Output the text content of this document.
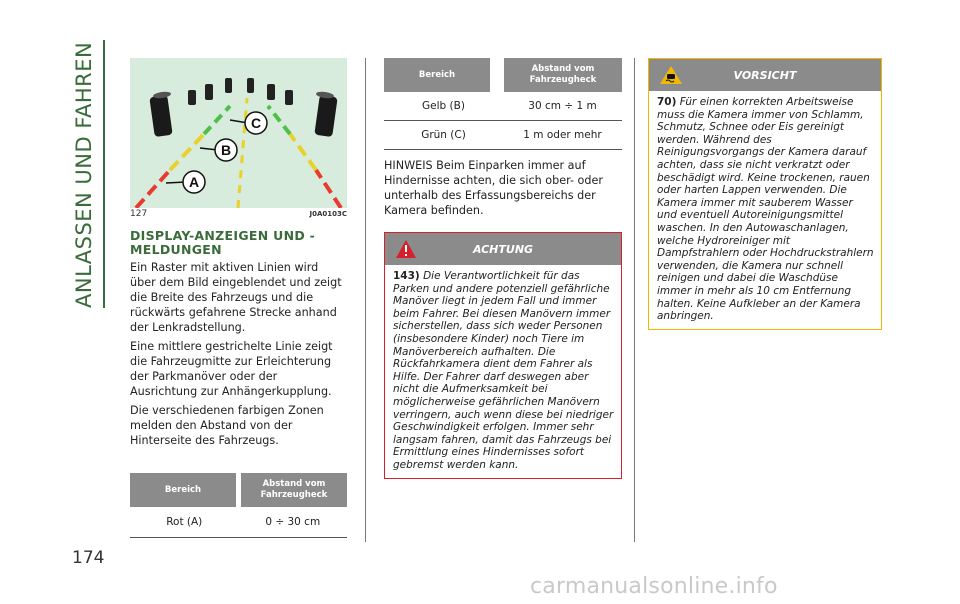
ANLASSEN UND FAHREN
174
A
B
C
127	J0A0103C
DISPLAY-ANZEIGEN UND -MELDUNGEN
Ein Raster mit aktiven Linien wird über dem Bild eingeblendet und zeigt die Breite des Fahrzeugs und die rückwärts gefahrene Strecke anhand der Lenkradstellung.
Eine mittlere gestrichelte Linie zeigt die Fahrzeugmitte zur Erleichterung der Parkmanöver oder der Ausrichtung zur Anhängerkupplung.
Die verschiedenen farbigen Zonen melden den Abstand von der Hinterseite des Fahrzeugs.
Bereich
Abstand vom Fahrzeugheck
Rot (A)	0 ÷ 30 cm
Bereich
Abstand vom Fahrzeugheck
Gelb (B)	30 cm ÷ 1 m
Grün (C)	1 m oder mehr
HINWEIS Beim Einparken immer auf Hindernisse achten, die sich ober- oder unterhalb des Erfassungsbereichs der Kamera befinden.
ACHTUNG
143) Die Verantwortlichkeit für das Parken und andere potenziell gefährliche Manöver liegt in jedem Fall und immer beim Fahrer. Bei diesen Manövern immer sicherstellen, dass sich weder Personen (insbesondere Kinder) noch Tiere im Manöverbereich aufhalten. Die Rückfahrkamera dient dem Fahrer als Hilfe. Der Fahrer darf deswegen aber nicht die Aufmerksamkeit bei möglicherweise gefährlichen Manövern verringern, auch wenn diese bei niedriger Geschwindigkeit erfolgen. Immer sehr langsam fahren, damit das Fahrzeugs bei Ermittlung eines Hindernisses sofort gebremst werden kann.
VORSICHT
70) Für einen korrekten Arbeitsweise muss die Kamera immer von Schlamm, Schmutz, Schnee oder Eis gereinigt werden. Während des Reinigungsvorgangs der Kamera darauf achten, dass sie nicht verkratzt oder beschädigt wird. Keine trockenen, rauen oder harten Lappen verwenden. Die Kamera immer mit sauberem Wasser und eventuell Autoreinigungsmittel waschen. In den Autowaschanlagen, welche Hydroreiniger mit Dampfstrahlern oder Hochdruckstrahlern verwenden, die Kamera nur schnell reinigen und dabei die Waschdüse immer in mehr als 10 cm Entfernung halten. Keine Aufkleber an der Kamera anbringen.
carmanualsonline.info
